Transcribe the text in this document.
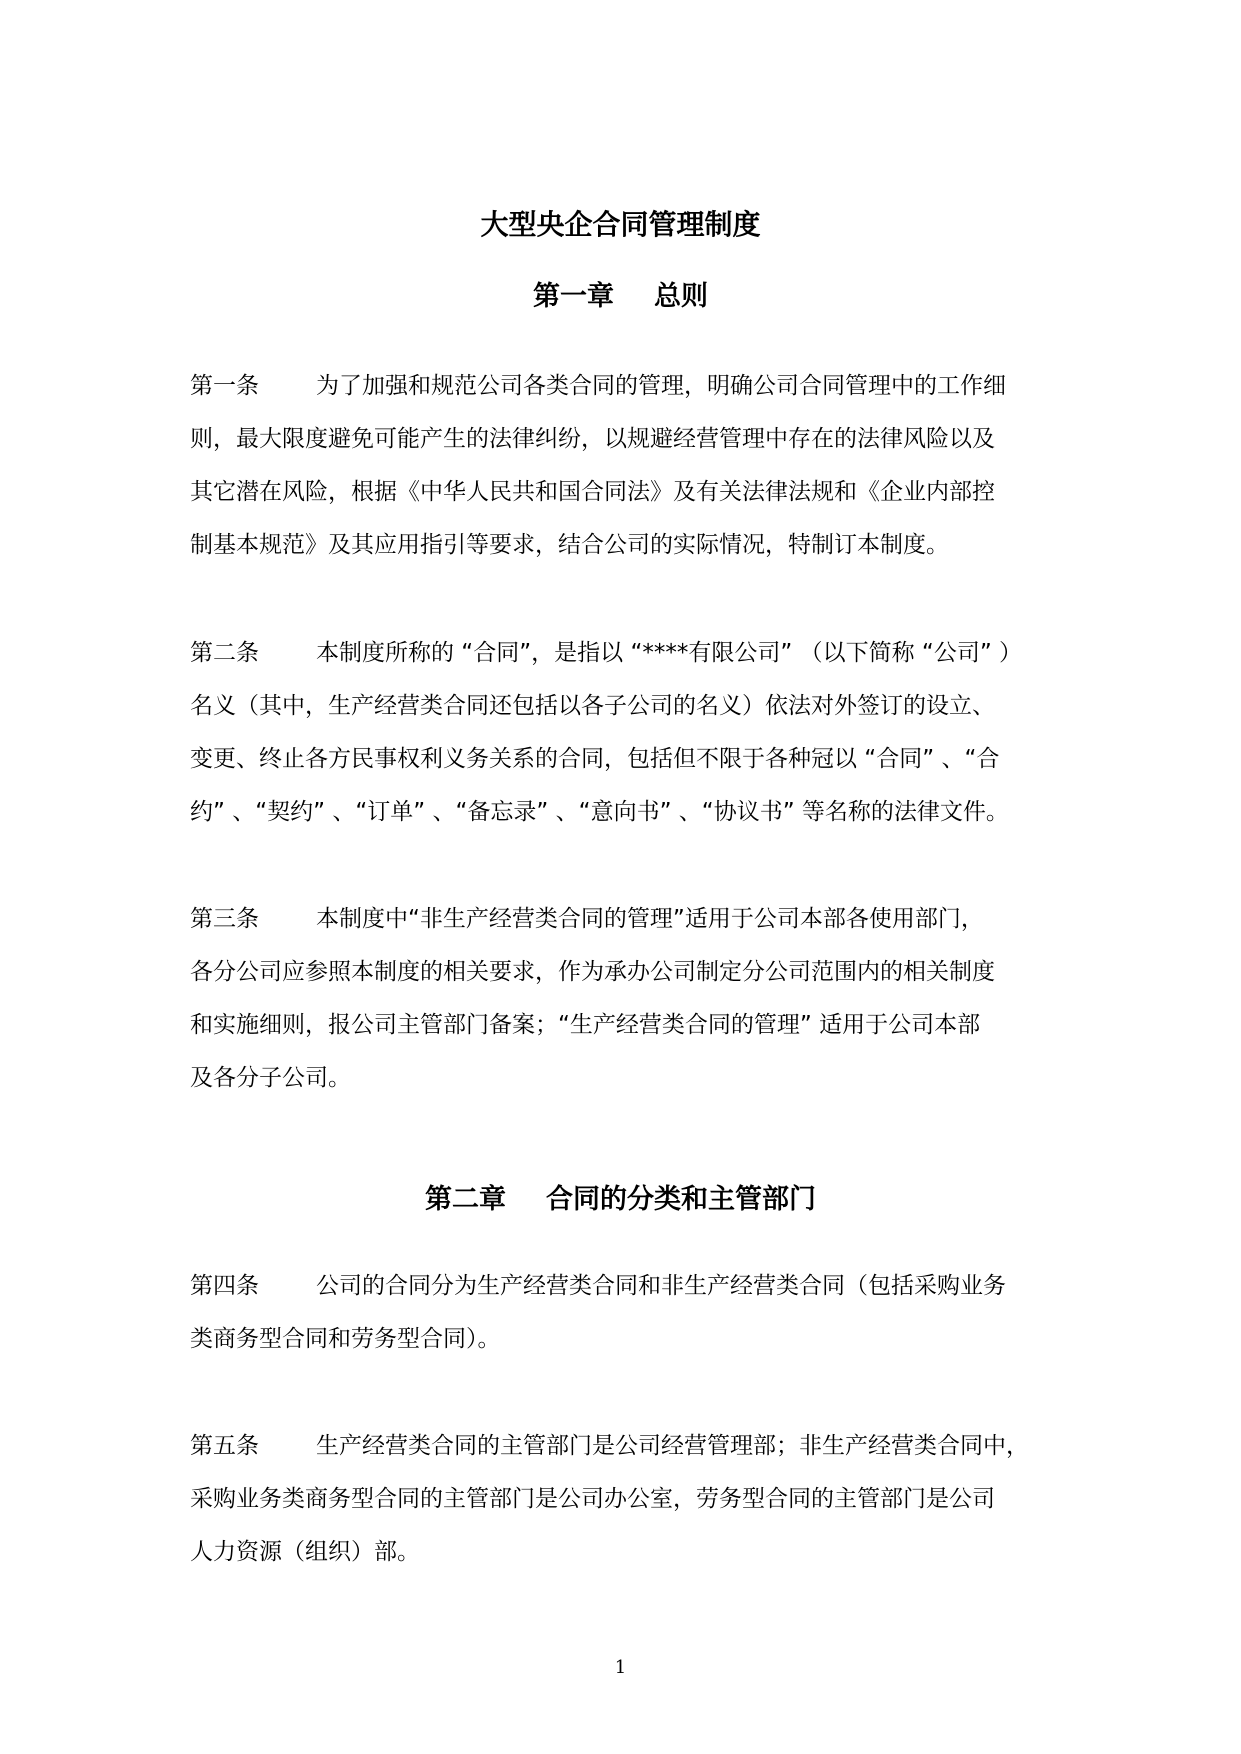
大型央企合同管理制度
第一章 总则
第一条 为了加强和规范公司各类合同的管理，明确公司合同管理中的工作细
则，最大限度避免可能产生的法律纠纷，以规避经营管理中存在的法律风险以及
其它潜在风险，根据《中华人民共和国合同法》及有关法律法规和《企业内部控
制基本规范》及其应用指引等要求，结合公司的实际情况，特制订本制度。
第二条 本制度所称的 “合同”，是指以 “****有限公司” （以下简称 “公司” ）
名义（其中，生产经营类合同还包括以各子公司的名义）依法对外签订的设立、
变更、终止各方民事权利义务关系的合同，包括但不限于各种冠以 “合同” 、“合
约” 、“契约” 、“订单” 、“备忘录” 、“意向书” 、“协议书” 等名称的法律文件。
第三条 本制度中“非生产经营类合同的管理”适用于公司本部各使用部门，
各分公司应参照本制度的相关要求，作为承办公司制定分公司范围内的相关制度
和实施细则，报公司主管部门备案；“生产经营类合同的管理” 适用于公司本部
及各分子公司。
第二章 合同的分类和主管部门
第四条 公司的合同分为生产经营类合同和非生产经营类合同（包括采购业务
类商务型合同和劳务型合同）。
第五条 生产经营类合同的主管部门是公司经营管理部；非生产经营类合同中，
采购业务类商务型合同的主管部门是公司办公室，劳务型合同的主管部门是公司
人力资源（组织）部。
1
